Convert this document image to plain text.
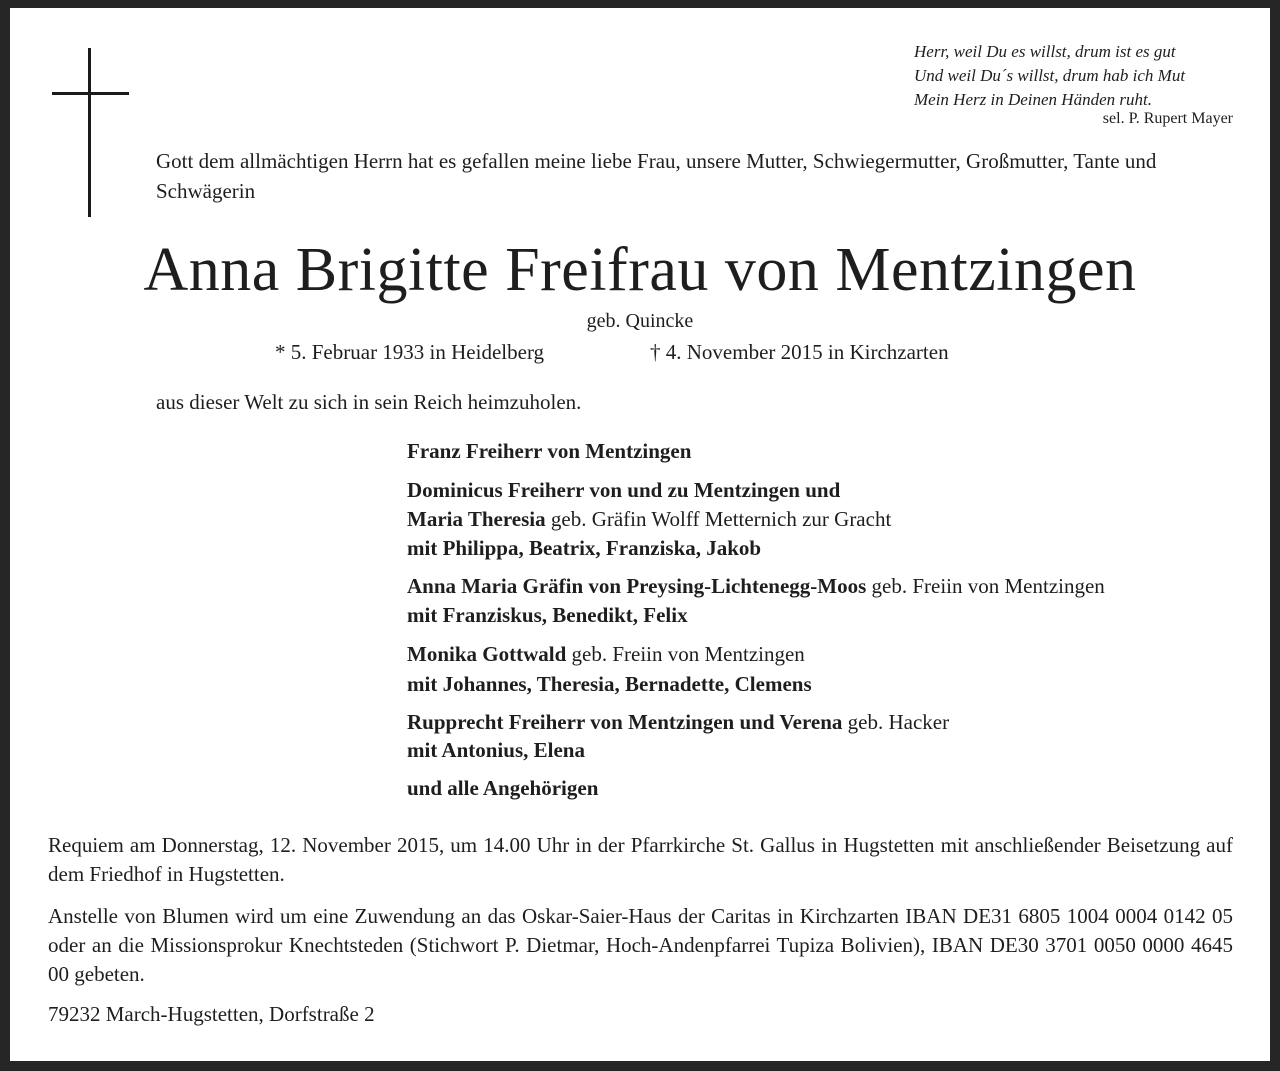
Herr, weil Du es willst, drum ist es gut
Und weil Du´s willst, drum hab ich Mut
Mein Herz in Deinen Händen ruht.
sel. P. Rupert Mayer
Gott dem allmächtigen Herrn hat es gefallen meine liebe Frau, unsere Mutter, Schwiegermutter, Großmutter, Tante und Schwägerin
Anna Brigitte Freifrau von Mentzingen
geb. Quincke
* 5. Februar 1933 in Heidelberg	† 4. November 2015 in Kirchzarten
aus dieser Welt zu sich in sein Reich heimzuholen.
Franz Freiherr von Mentzingen
Dominicus Freiherr von und zu Mentzingen und
Maria Theresia geb. Gräfin Wolff Metternich zur Gracht
mit Philippa, Beatrix, Franziska, Jakob
Anna Maria Gräfin von Preysing-Lichtenegg-Moos geb. Freiin von Mentzingen
mit Franziskus, Benedikt, Felix
Monika Gottwald geb. Freiin von Mentzingen
mit Johannes, Theresia, Bernadette, Clemens
Rupprecht Freiherr von Mentzingen und Verena geb. Hacker
mit Antonius, Elena
und alle Angehörigen
Requiem am Donnerstag, 12. November 2015, um 14.00 Uhr in der Pfarrkirche St. Gallus in Hugstetten mit anschließender Beisetzung auf dem Friedhof in Hugstetten.
Anstelle von Blumen wird um eine Zuwendung an das Oskar-Saier-Haus der Caritas in Kirchzarten IBAN DE31 6805 1004 0004 0142 05 oder an die Missionsprokur Knechtsteden (Stichwort P. Dietmar, Hoch-Andenpfarrei Tupiza Bolivien), IBAN DE30 3701 0050 0000 4645 00 gebeten.
79232 March-Hugstetten, Dorfstraße 2
